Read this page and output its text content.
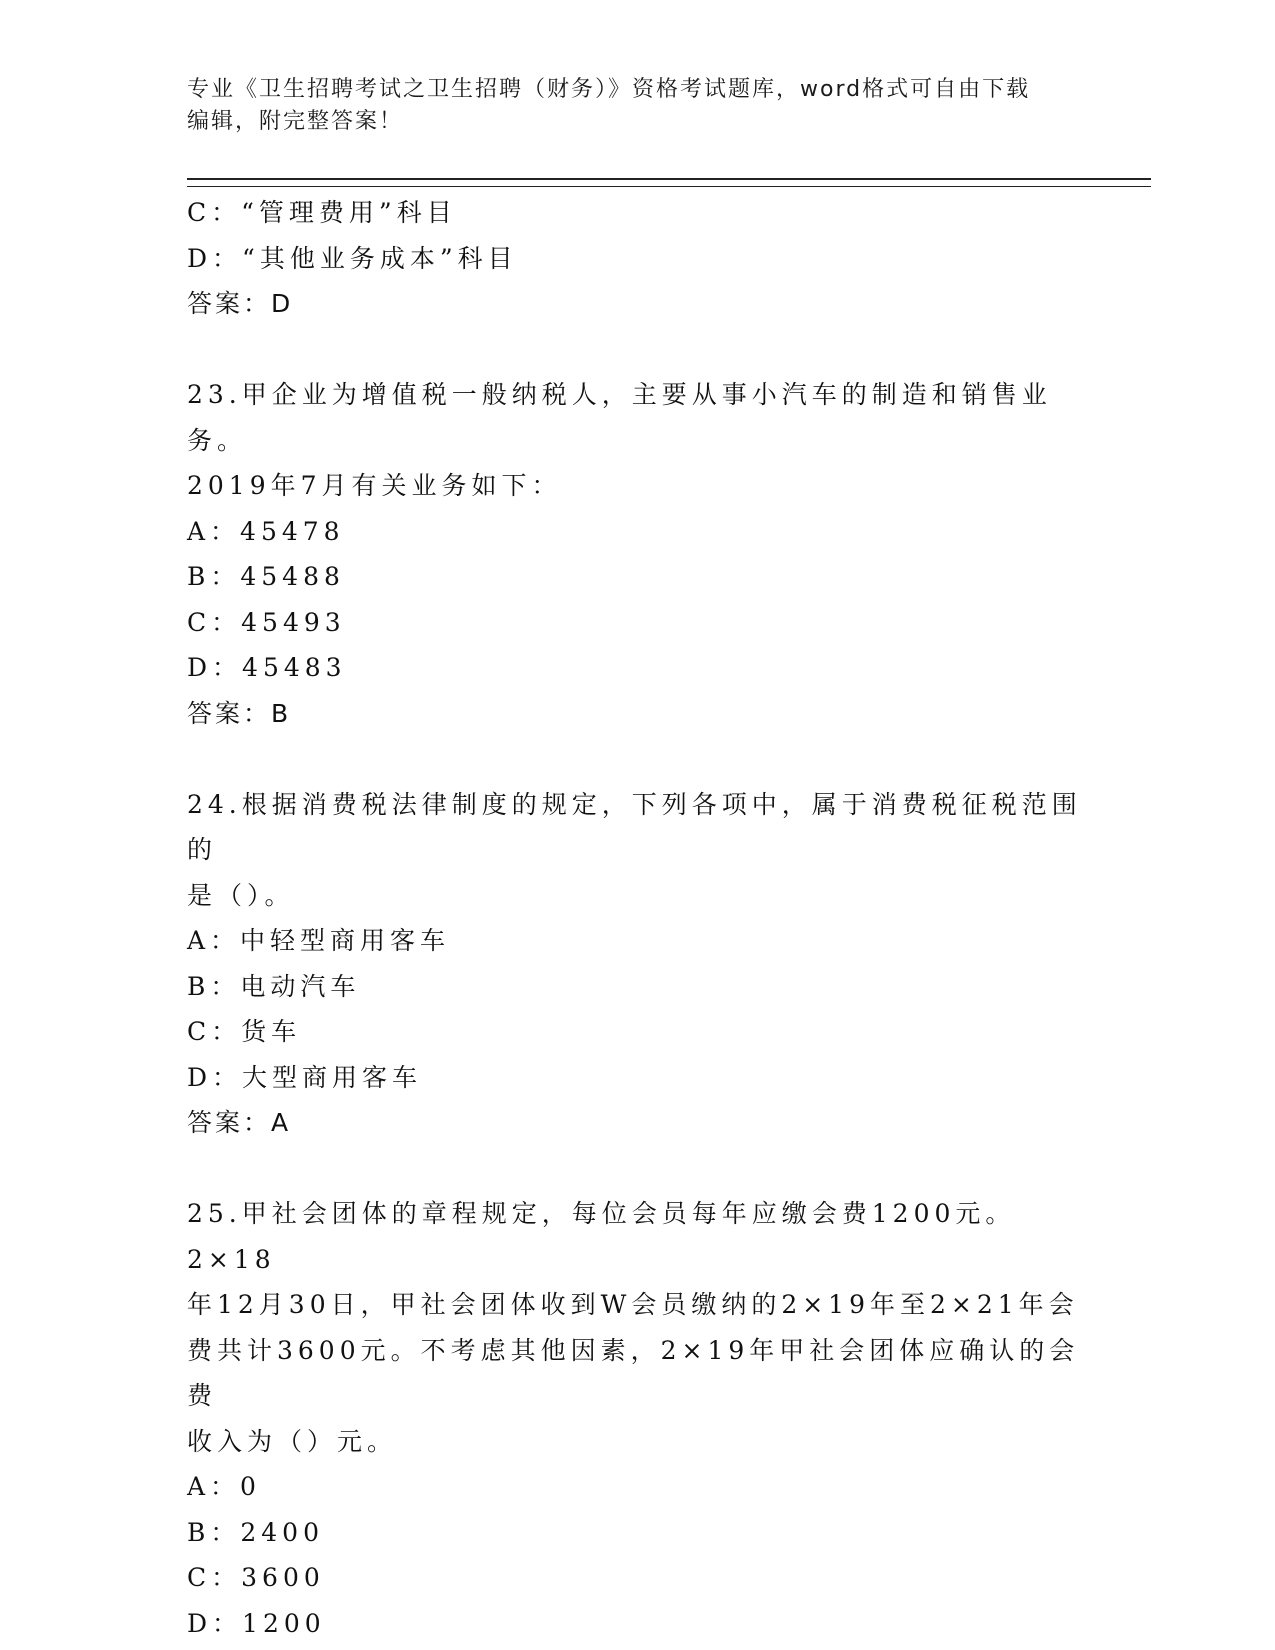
专业《卫生招聘考试之卫生招聘（财务）》资格考试题库，word格式可自由下载
编辑，附完整答案！
C：“管理费用”科目
D：“其他业务成本”科目
答案：D
23.甲企业为增值税一般纳税人，主要从事小汽车的制造和销售业务。
2019年7月有关业务如下：
A：45478
B：45488
C：45493
D：45483
答案：B
24.根据消费税法律制度的规定，下列各项中，属于消费税征税范围的
是（）。
A：中轻型商用客车
B：电动汽车
C：货车
D：大型商用客车
答案：A
25.甲社会团体的章程规定，每位会员每年应缴会费1200元。2×18
年12月30日，甲社会团体收到W会员缴纳的2×19年至2×21年会
费共计3600元。不考虑其他因素，2×19年甲社会团体应确认的会费
收入为（）元。
A：0
B：2400
C：3600
D：1200
